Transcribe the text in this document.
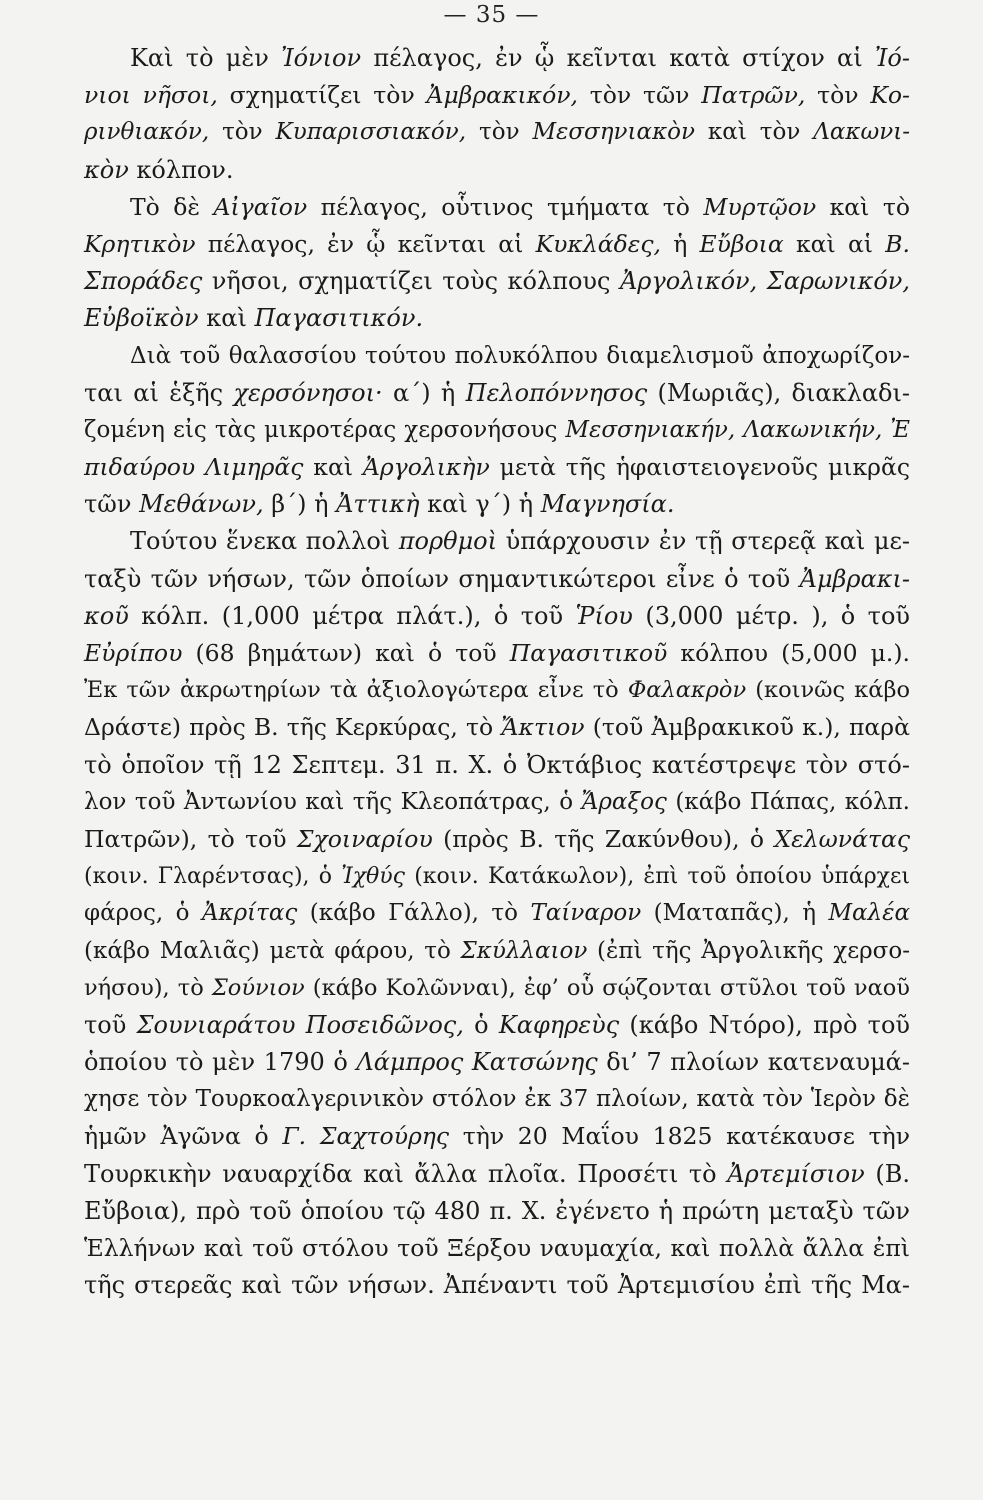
— 35 —
Καὶ τὸ μὲν Ἰόνιον πέλαγος, ἐν ᾧ κεῖνται κατὰ στίχον αἱ Ἰό-
νιοι νῆσοι, σχηματίζει τὸν Ἀμβρακικόν, τὸν τῶν Πατρῶν, τὸν Κο-
ρινθιακόν, τὸν Κυπαρισσιακόν, τὸν Μεσσηνιακὸν καὶ τὸν Λακωνι-
κὸν κόλπον.
Τὸ δὲ Αἰγαῖον πέλαγος, οὗτινος τμήματα τὸ Μυρτῷον καὶ τὸ
Κρητικὸν πέλαγος, ἐν ᾧ κεῖνται αἱ Κυκλάδες, ἡ Εὔβοια καὶ αἱ Β.
Σποράδες νῆσοι, σχηματίζει τοὺς κόλπους Ἀργολικόν, Σαρωνικόν,
Εὐβοϊκὸν καὶ Παγασιτικόν.
Διὰ τοῦ θαλασσίου τούτου πολυκόλπου διαμελισμοῦ ἀποχωρίζον-
ται αἱ ἑξῆς χερσόνησοι· α΄) ἡ Πελοπόννησος (Μωριᾶς), διακλαδι-
ζομένη εἰς τὰς μικροτέρας χερσονήσους Μεσσηνιακήν, Λακωνικήν, Ἐ
πιδαύρου Λιμηρᾶς καὶ Ἀργολικὴν μετὰ τῆς ἡφαιστειογενοῦς μικρᾶς
τῶν Μεθάνων, β΄) ἡ Ἀττικὴ καὶ γ΄) ἡ Μαγνησία.
Τούτου ἕνεκα πολλοὶ πορθμοὶ ὑπάρχουσιν ἐν τῇ στερεᾷ καὶ με-
ταξὺ τῶν νήσων, τῶν ὁποίων σημαντικώτεροι εἶνε ὁ τοῦ Ἀμβρακι-
κοῦ κόλπ. (1,000 μέτρα πλάτ.), ὁ τοῦ Ῥίου (3,000 μέτρ. ), ὁ τοῦ
Εὐρίπου (68 βημάτων) καὶ ὁ τοῦ Παγασιτικοῦ κόλπου (5,000 μ.).
Ἐκ τῶν ἀκρωτηρίων τὰ ἀξιολογώτερα εἶνε τὸ Φαλακρὸν (κοινῶς κάβο
Δράστε) πρὸς Β. τῆς Κερκύρας, τὸ Ἄκτιον (τοῦ Ἀμβρακικοῦ κ.), παρὰ
τὸ ὁποῖον τῇ 12 Σεπτεμ. 31 π. Χ. ὁ Ὀκτάβιος κατέστρεψε τὸν στό-
λον τοῦ Ἀντωνίου καὶ τῆς Κλεοπάτρας, ὁ Ἄραξος (κάβο Πάπας, κόλπ.
Πατρῶν), τὸ τοῦ Σχοιναρίου (πρὸς Β. τῆς Ζακύνθου), ὁ Χελωνάτας
(κοιν. Γλαρέντσας), ὁ Ἰχθύς (κοιν. Κατάκωλον), ἐπὶ τοῦ ὁποίου ὑπάρχει
φάρος, ὁ Ἀκρίτας (κάβο Γάλλο), τὸ Ταίναρον (Ματαπᾶς), ἡ Μαλέα
(κάβο Μαλιᾶς) μετὰ φάρου, τὸ Σκύλλαιον (ἐπὶ τῆς Ἀργολικῆς χερσο-
νήσου), τὸ Σούνιον (κάβο Κολῶνναι), ἐφ’ οὗ σῴζονται στῦλοι τοῦ ναοῦ
τοῦ Σουνιαράτου Ποσειδῶνος, ὁ Καφηρεὺς (κάβο Ντόρο), πρὸ τοῦ
ὁποίου τὸ μὲν 1790 ὁ Λάμπρος Κατσώνης δι’ 7 πλοίων κατεναυμά-
χησε τὸν Τουρκοαλγερινικὸν στόλον ἐκ 37 πλοίων, κατὰ τὸν Ἱερὸν δὲ
ἡμῶν Ἀγῶνα ὁ Γ. Σαχτούρης τὴν 20 Μαΐου 1825 κατέκαυσε τὴν
Τουρκικὴν ναυαρχίδα καὶ ἄλλα πλοῖα. Προσέτι τὸ Ἀρτεμίσιον (Β.
Εὔβοια), πρὸ τοῦ ὁποίου τῷ 480 π. Χ. ἐγένετο ἡ πρώτη μεταξὺ τῶν
Ἑλλήνων καὶ τοῦ στόλου τοῦ Ξέρξου ναυμαχία, καὶ πολλὰ ἄλλα ἐπὶ
τῆς στερεᾶς καὶ τῶν νήσων. Ἀπέναντι τοῦ Ἀρτεμισίου ἐπὶ τῆς Μα-
